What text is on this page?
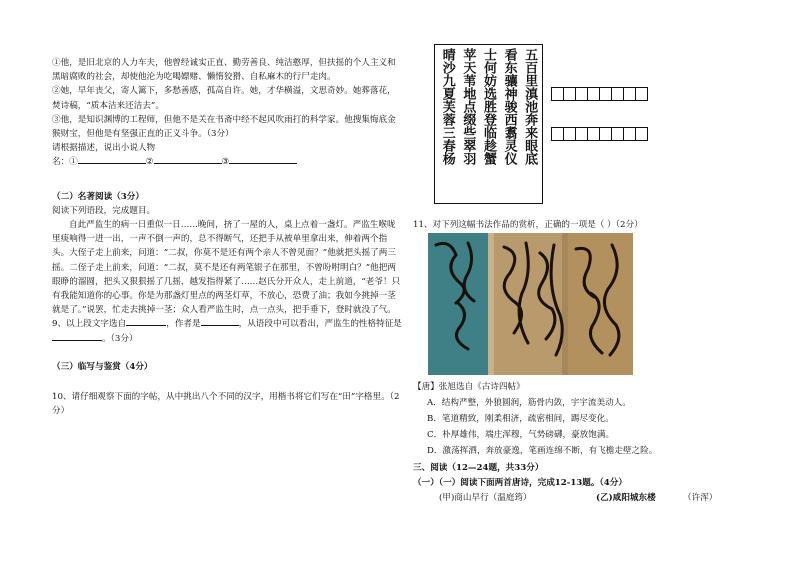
①他，是旧北京的人力车夫，他曾经诚实正直、勤劳善良、纯洁憨厚，但扶摇的个人主义和黑暗腐败的社会，却使他沦为吃喝嫖赌、懒惰狡猾、自私麻木的行尸走肉。

②她，早年丧父，寄人篱下，多愁善感，孤高自许。她，才华横溢，文思奇妙。她葬落花，焚诗稿，“质本洁来还洁去”。

③他，是知识渊博的工程师，但他不是关在书斋中经不起风吹雨打的科学家。他搜集悔底金猴财宝，但他是有坚强正直的正义斗争。（3分）

请根据描述，说出小说人物

名：①	②	③

（二）名著阅读（3分）

阅读下列语段，完成题目。

自此严监生的病一日重似一日……晚间，挤了一屋的人，桌上点着一盏灯。严监生喉咙里痰响得一进一出，一声不倒一声的，总不得断气，还把手从被单里拿出来，伸着两个指头。大侄子走上前来，问道：“二叔，你莫不是还有两个亲人不曾见面？”他就把头摇了两三摇。二侄子走上前来，问道：“二叔，莫不是还有两笔银子在那里，不曾吩咐明白？”他把两眼睁的溜圆，把头又狠狠摇了几摇，越发指得紧了……赵氏分开众人，走上前道，“老爷！只有我能知道你的心事。你是为那盏灯里点的两茎灯草，不放心，恐费了油；我如今挑掉一茎就是了。”说罢，忙走去挑掉一茎；众人看严监生时，点一点头，把手垂下，登时就没了气。

9、以上段文字选自	，作者是	，从语段中可以看出，严监生的性格特征是。（3分）

（三）临写与鉴赏（4分）

10、请仔细观察下面的字帖，从中挑出八个不同的汉字，用楷书将它们写在“田”字格里。（2分）

五百里滇池奔来眼底
看东骧神骏西翥灵仪
士何妨选胜登临趁蟹
苹天苇地点缀些翠羽
晴沙九夏芙蓉三春杨
11、对下列这幅书法作品的赏析，正确的一项是（ ）（2分）
【唐】张旭选自《古诗四帖》
A．结构严整，外狼圆润，筋骨内敛，宇宇流美动人。
B．笔道精致，刚柔相济，疏密相间，踢尽变化。
C．朴厚雄伟，端庄浑穆，气势磅礴，豪放饱满。
D．激荡挥洒，奔放豪逸，笔画连绵不断，有飞檐走壁之险。
三、阅读（12—24题，共33分）
（一）（一）阅读下面两首唐诗，完成12-13题。（4分）
(甲)商山早行（温庭筠）	(乙)咸阳城东楼	（许浑）
